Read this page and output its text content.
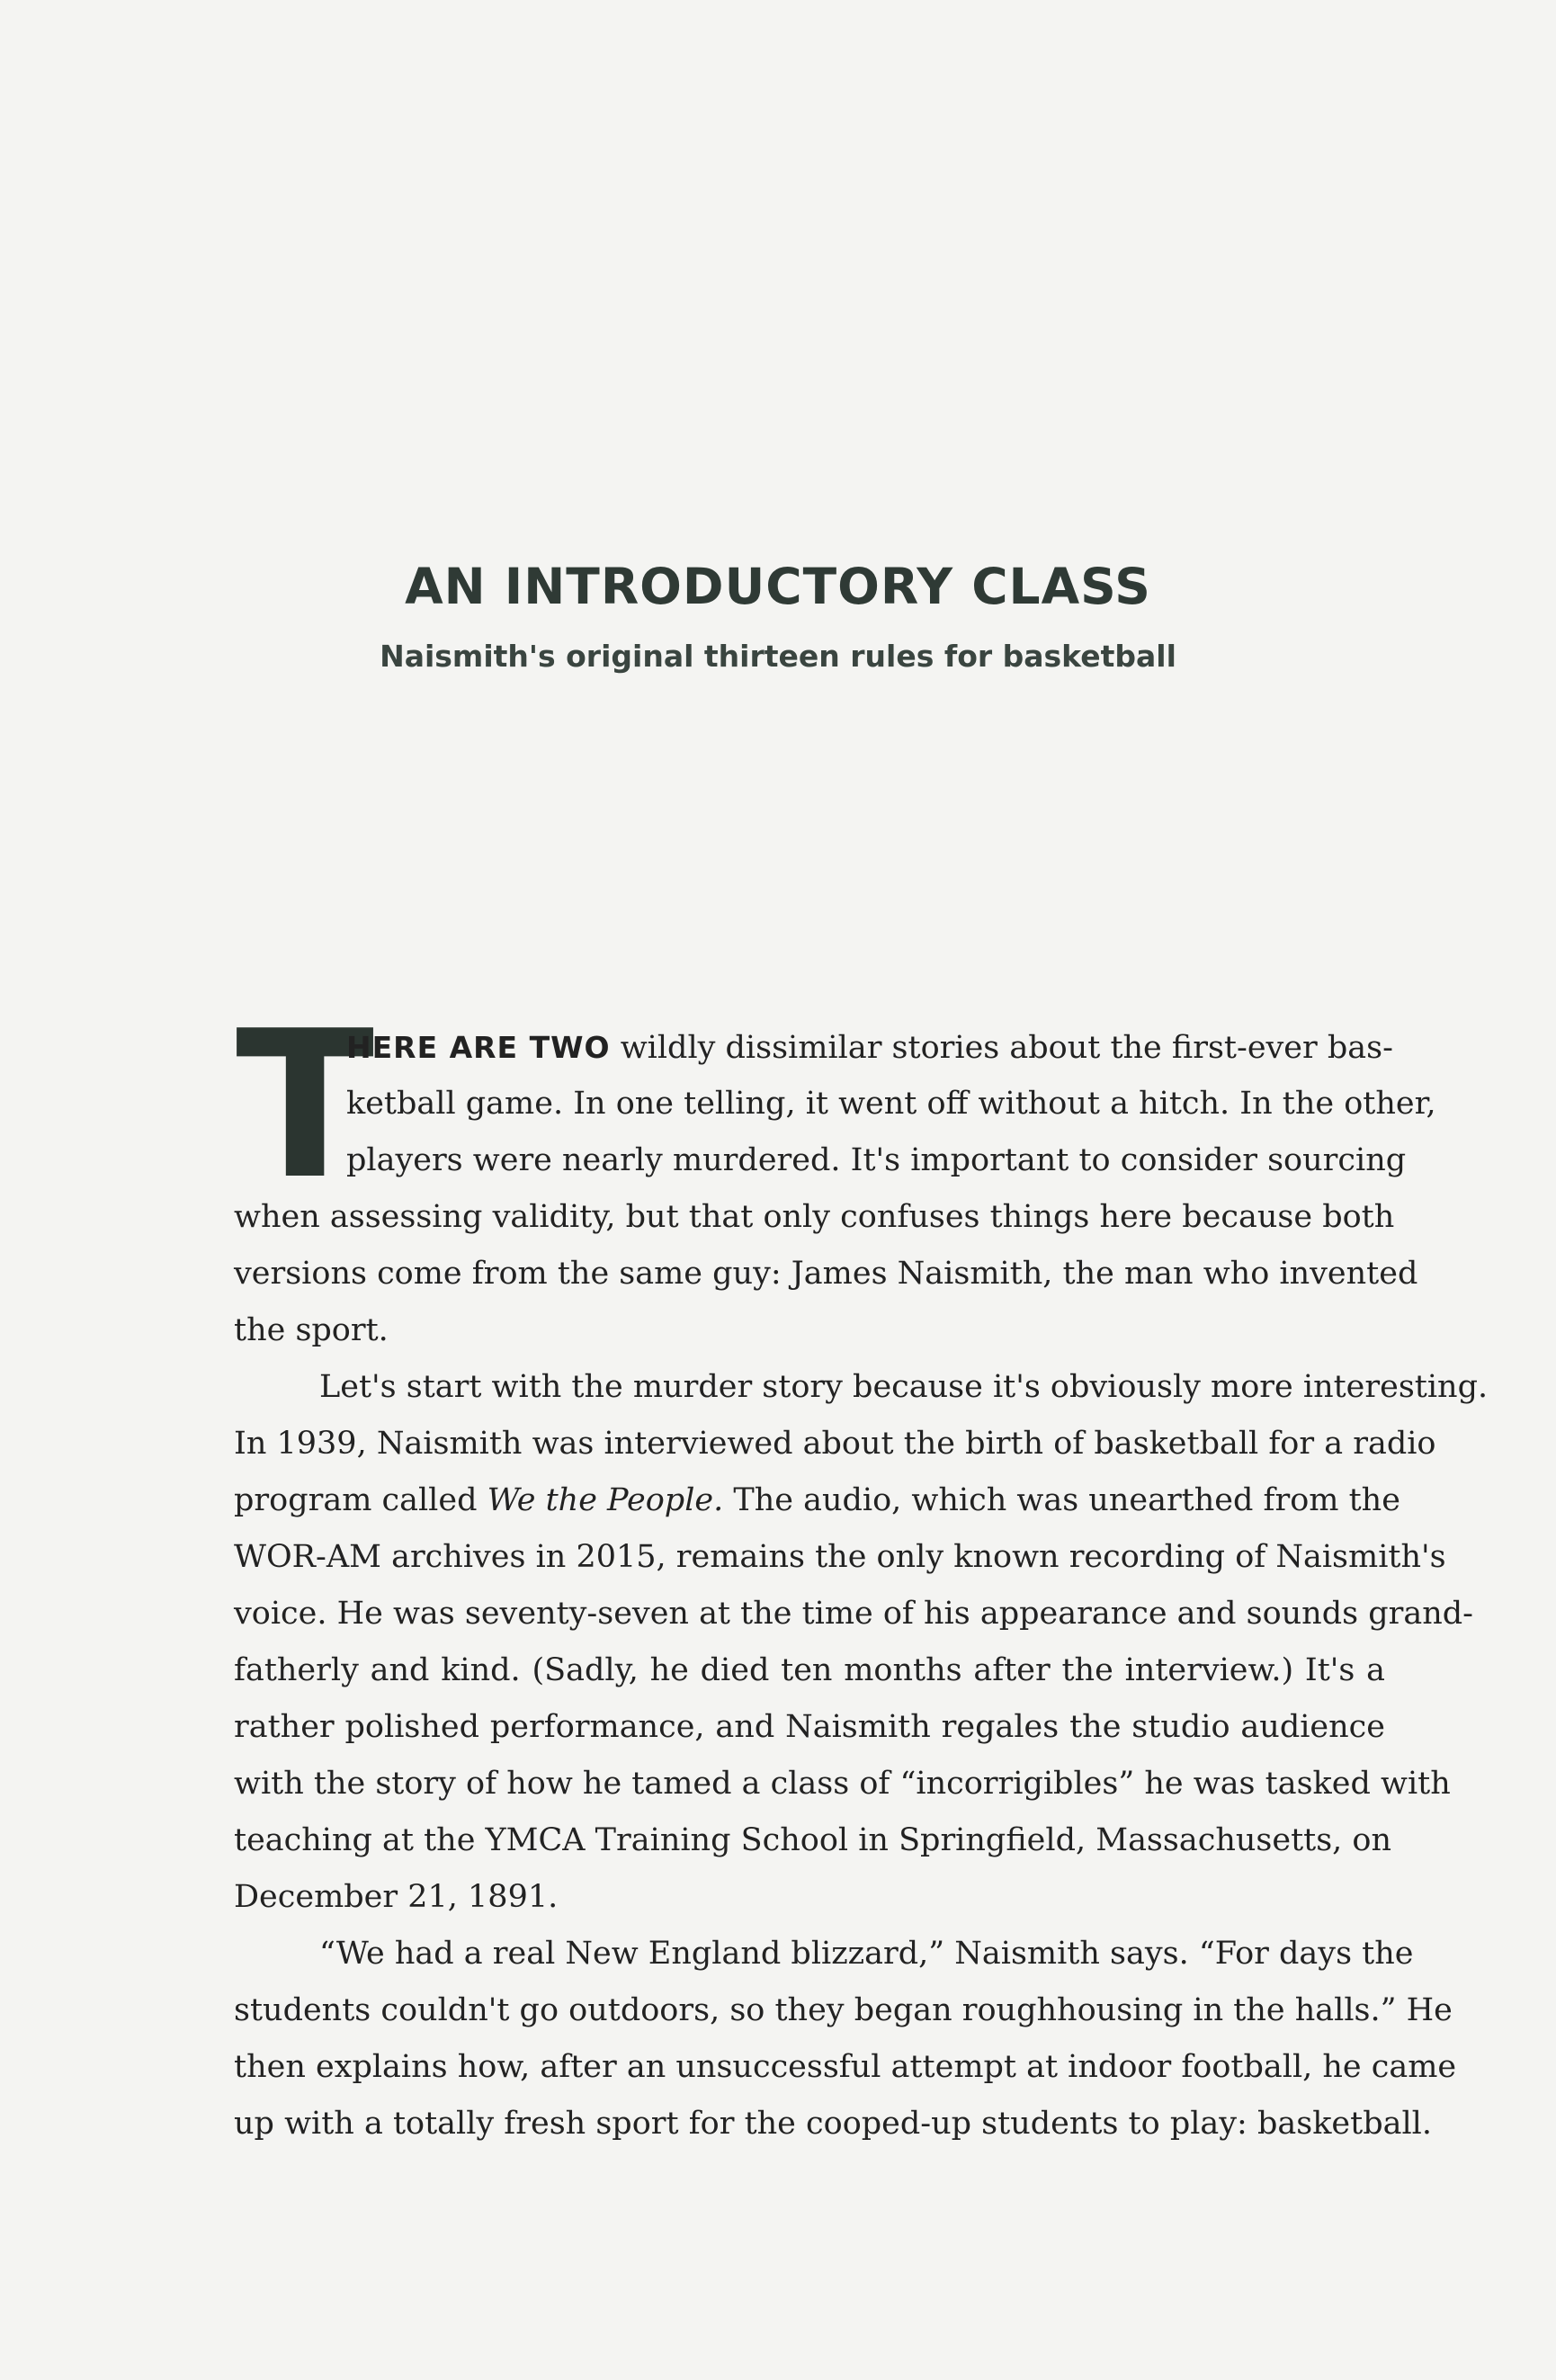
AN INTRODUCTORY CLASS
Naismith's original thirteen rules for basketball
T
HERE ARE TWO wildly dissimilar stories about the first-ever bas-
ketball game. In one telling, it went off without a hitch. In the other,
players were nearly murdered. It's important to consider sourcing
when assessing validity, but that only confuses things here because both
versions come from the same guy: James Naismith, the man who invented
the sport.
Let's start with the murder story because it's obviously more interesting.
In 1939, Naismith was interviewed about the birth of basketball for a radio
program called We the People. The audio, which was unearthed from the
WOR-AM archives in 2015, remains the only known recording of Naismith's
voice. He was seventy-seven at the time of his appearance and sounds grand-
fatherly and kind. (Sadly, he died ten months after the interview.) It's a
rather polished performance, and Naismith regales the studio audience
with the story of how he tamed a class of “incorrigibles” he was tasked with
teaching at the YMCA Training School in Springfield, Massachusetts, on
December 21, 1891.
“We had a real New England blizzard,” Naismith says. “For days the
students couldn't go outdoors, so they began roughhousing in the halls.” He
then explains how, after an unsuccessful attempt at indoor football, he came
up with a totally fresh sport for the cooped-up students to play: basketball.
